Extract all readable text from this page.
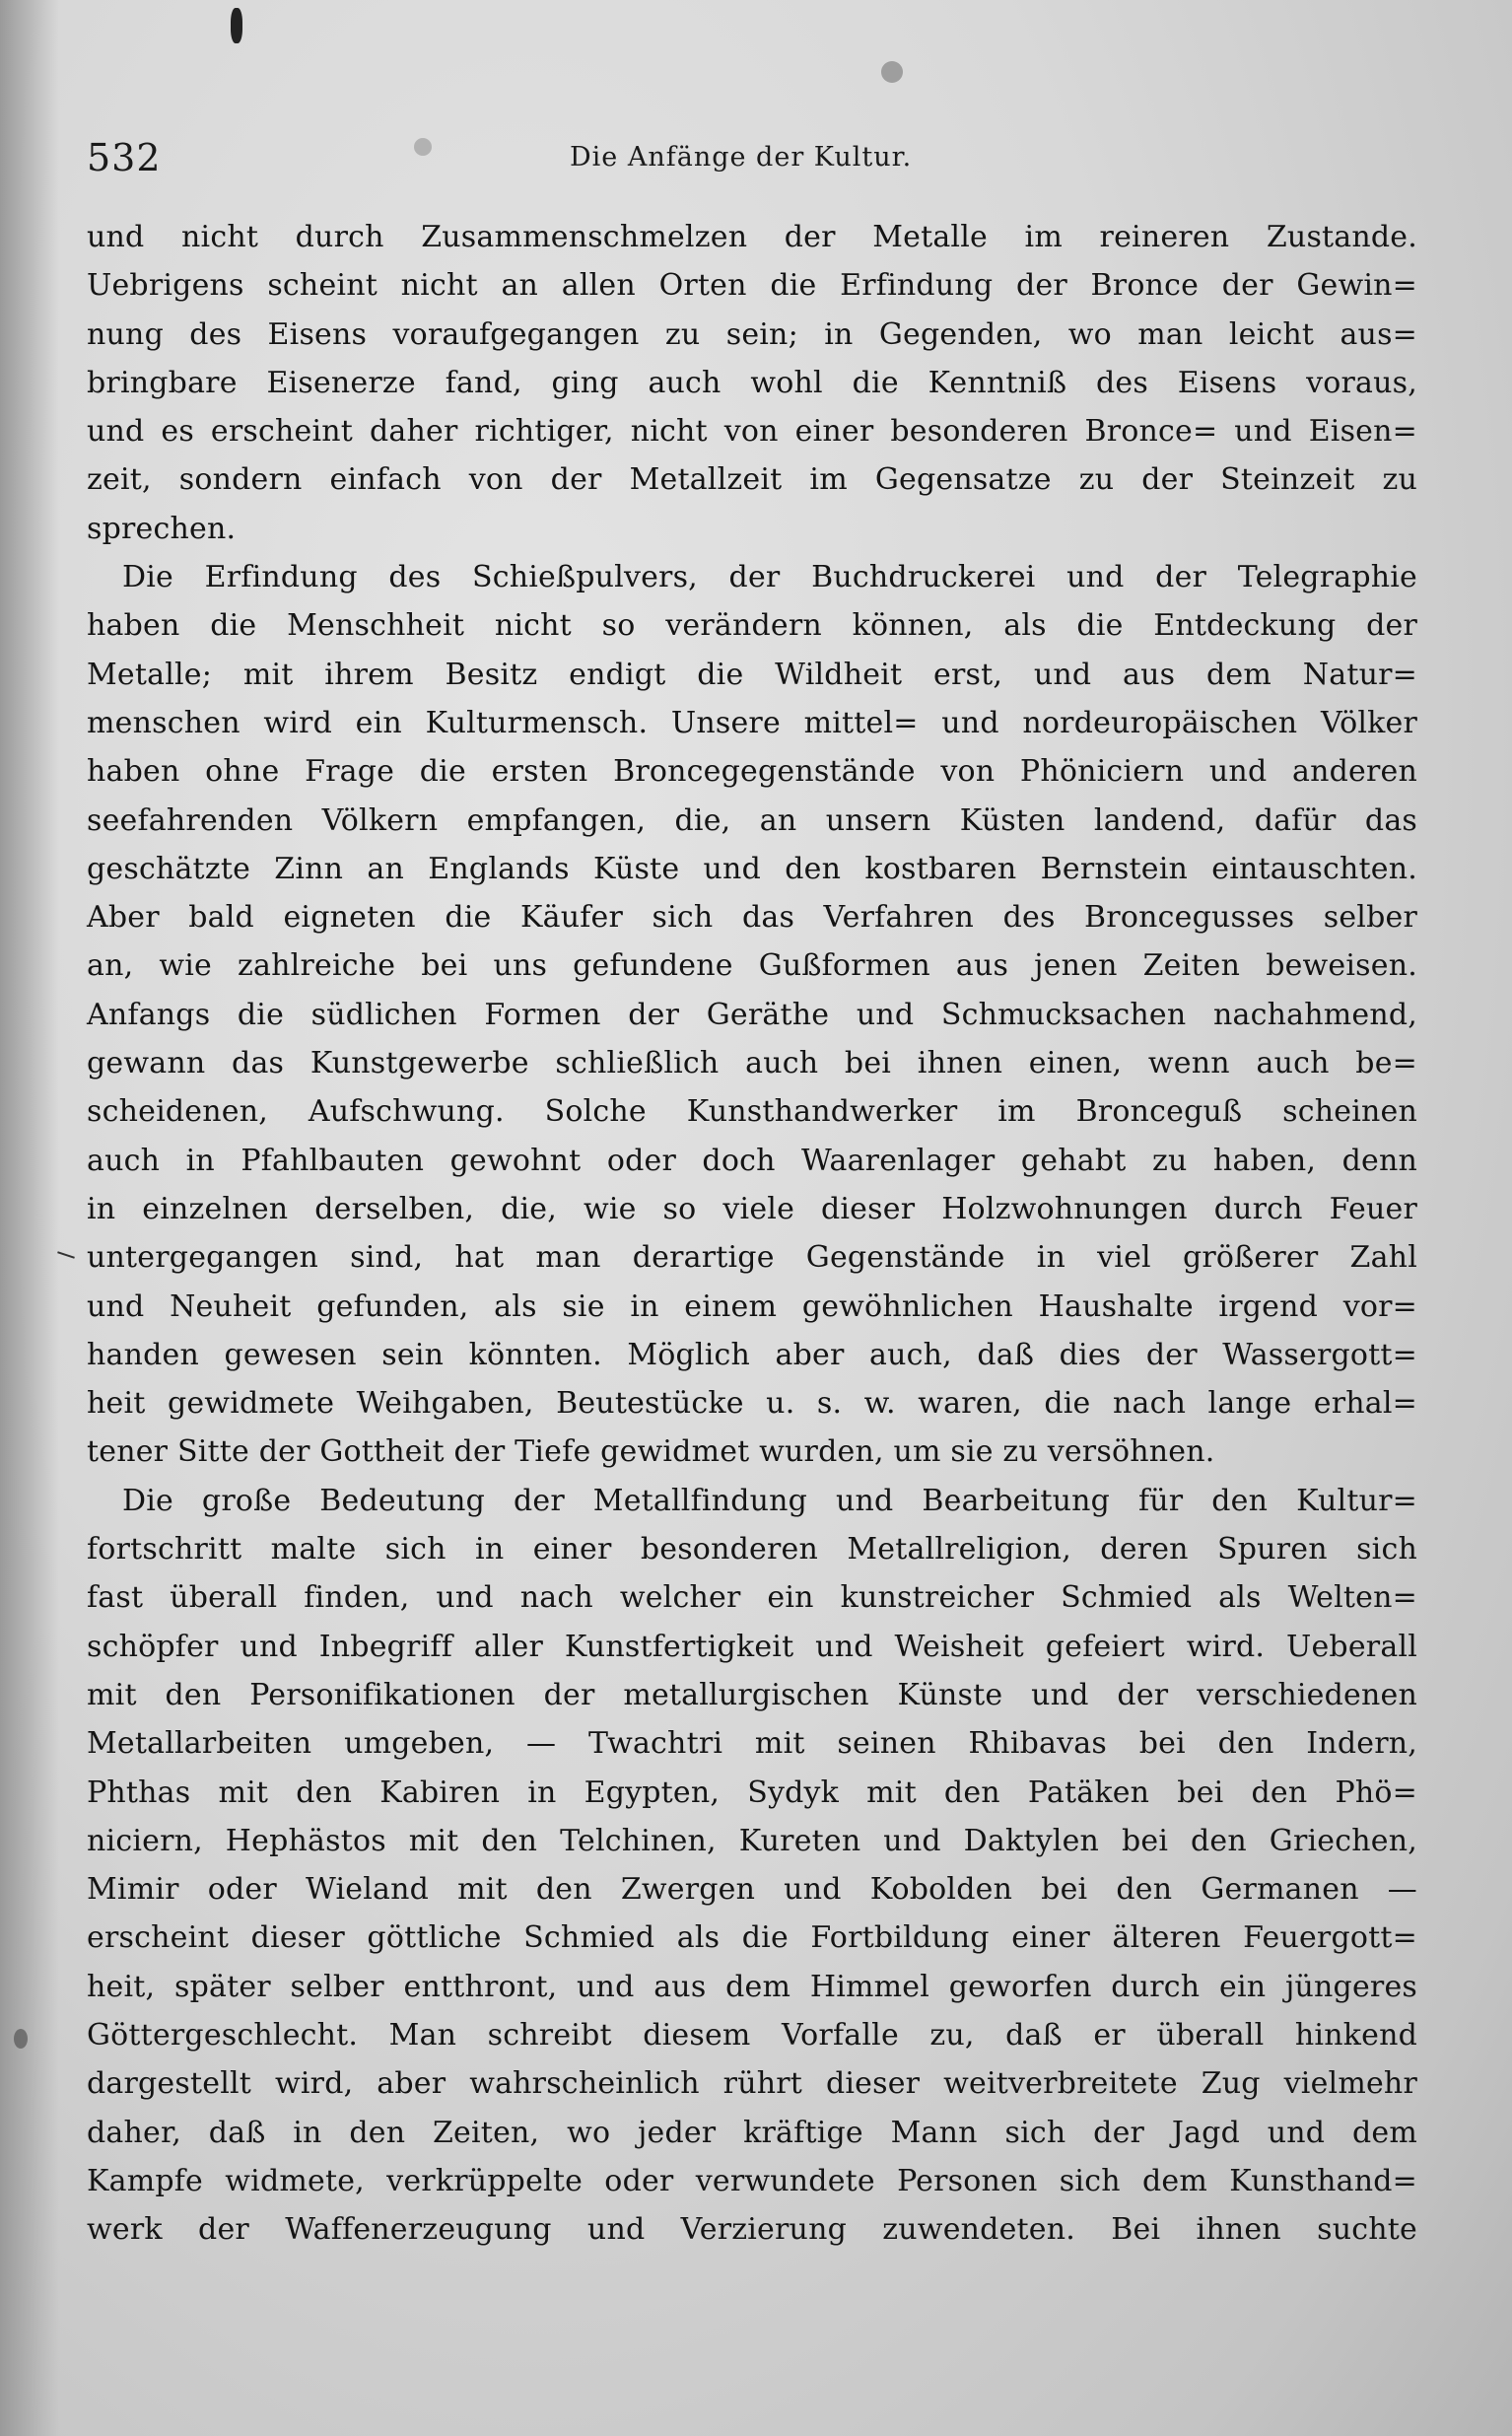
532	Die Anfänge der Kultur.
und nicht durch Zusammenschmelzen der Metalle im reineren Zustande.
Uebrigens scheint nicht an allen Orten die Erfindung der Bronce der Gewin=
nung des Eisens voraufgegangen zu sein; in Gegenden, wo man leicht aus=
bringbare Eisenerze fand, ging auch wohl die Kenntniß des Eisens voraus,
und es erscheint daher richtiger, nicht von einer besonderen Bronce= und Eisen=
zeit, sondern einfach von der Metallzeit im Gegensatze zu der Steinzeit zu
sprechen.
Die Erfindung des Schießpulvers, der Buchdruckerei und der Telegraphie
haben die Menschheit nicht so verändern können, als die Entdeckung der
Metalle; mit ihrem Besitz endigt die Wildheit erst, und aus dem Natur=
menschen wird ein Kulturmensch. Unsere mittel= und nordeuropäischen Völker
haben ohne Frage die ersten Broncegegenstände von Phöniciern und anderen
seefahrenden Völkern empfangen, die, an unsern Küsten landend, dafür das
geschätzte Zinn an Englands Küste und den kostbaren Bernstein eintauschten.
Aber bald eigneten die Käufer sich das Verfahren des Broncegusses selber
an, wie zahlreiche bei uns gefundene Gußformen aus jenen Zeiten beweisen.
Anfangs die südlichen Formen der Geräthe und Schmucksachen nachahmend,
gewann das Kunstgewerbe schließlich auch bei ihnen einen, wenn auch be=
scheidenen, Aufschwung. Solche Kunsthandwerker im Bronceguß scheinen
auch in Pfahlbauten gewohnt oder doch Waarenlager gehabt zu haben, denn
in einzelnen derselben, die, wie so viele dieser Holzwohnungen durch Feuer
untergegangen sind, hat man derartige Gegenstände in viel größerer Zahl
und Neuheit gefunden, als sie in einem gewöhnlichen Haushalte irgend vor=
handen gewesen sein könnten. Möglich aber auch, daß dies der Wassergott=
heit gewidmete Weihgaben, Beutestücke u. s. w. waren, die nach lange erhal=
tener Sitte der Gottheit der Tiefe gewidmet wurden, um sie zu versöhnen.
Die große Bedeutung der Metallfindung und Bearbeitung für den Kultur=
fortschritt malte sich in einer besonderen Metallreligion, deren Spuren sich
fast überall finden, und nach welcher ein kunstreicher Schmied als Welten=
schöpfer und Inbegriff aller Kunstfertigkeit und Weisheit gefeiert wird. Ueberall
mit den Personifikationen der metallurgischen Künste und der verschiedenen
Metallarbeiten umgeben, — Twachtri mit seinen Rhibavas bei den Indern,
Phthas mit den Kabiren in Egypten, Sydyk mit den Patäken bei den Phö=
niciern, Hephästos mit den Telchinen, Kureten und Daktylen bei den Griechen,
Mimir oder Wieland mit den Zwergen und Kobolden bei den Germanen —
erscheint dieser göttliche Schmied als die Fortbildung einer älteren Feuergott=
heit, später selber entthront, und aus dem Himmel geworfen durch ein jüngeres
Göttergeschlecht. Man schreibt diesem Vorfalle zu, daß er überall hinkend
dargestellt wird, aber wahrscheinlich rührt dieser weitverbreitete Zug vielmehr
daher, daß in den Zeiten, wo jeder kräftige Mann sich der Jagd und dem
Kampfe widmete, verkrüppelte oder verwundete Personen sich dem Kunsthand=
werk der Waffenerzeugung und Verzierung zuwendeten. Bei ihnen suchte
